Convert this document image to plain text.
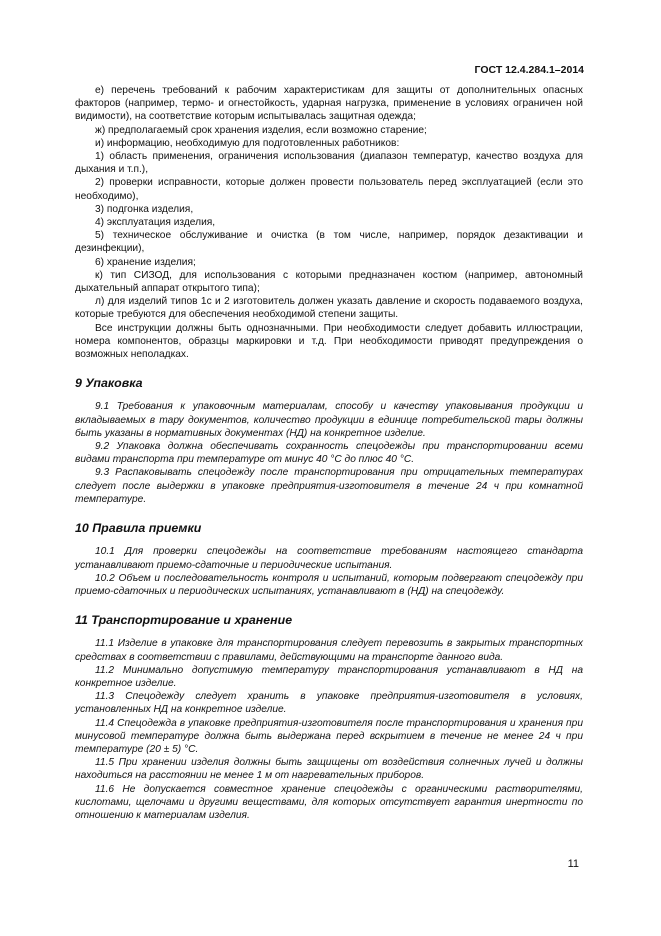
ГОСТ 12.4.284.1–2014

е) перечень требований к рабочим характеристикам для защиты от дополнительных опасных факторов (например, термо- и огнестойкость, ударная нагрузка, применение в условиях ограничен ной видимости), на соответствие которым испытывалась защитная одежда;

ж) предполагаемый срок хранения изделия, если возможно старение;

и) информацию, необходимую для подготовленных работников:

1) область применения, ограничения использования (диапазон температур, качество воздуха для дыхания и т.п.),

2) проверки исправности, которые должен провести пользователь перед эксплуатацией (если это необходимо),

3) подгонка изделия,

4) эксплуатация изделия,

5) техническое обслуживание и очистка (в том числе, например, порядок дезактивации и дезинфекции),

6) хранение изделия;

к) тип СИЗОД, для использования с которыми предназначен костюм (например, автономный дыхательный аппарат открытого типа);

л) для изделий типов 1с и 2 изготовитель должен указать давление и скорость подаваемого воздуха, которые требуются для обеспечения необходимой степени защиты.

Все инструкции должны быть однозначными. При необходимости следует добавить иллюстрации, номера компонентов, образцы маркировки и т.д. При необходимости приводят предупреждения о возможных неполадках.

9 Упаковка

9.1 Требования к упаковочным материалам, способу и качеству упаковывания продукции и вкладываемых в тару документов, количество продукции в единице потребительской тары должны быть указаны в нормативных документах (НД) на конкретное изделие.

9.2 Упаковка должна обеспечивать сохранность спецодежды при транспортировании всеми видами транспорта при температуре от минус 40 °С до плюс 40 °С.

9.3 Распаковывать спецодежду после транспортирования при отрицательных температурах следует после выдержки в упаковке предприятия-изготовителя в течение 24 ч при комнатной температуре.

10 Правила приемки

10.1 Для проверки спецодежды на соответствие требованиям настоящего стандарта устанавливают приемо-сдаточные и периодические испытания.

10.2 Объем и последовательность контроля и испытаний, которым подвергают спецодежду при приемо-сдаточных и периодических испытаниях, устанавливают в (НД) на спецодежду.

11 Транспортирование и хранение

11.1 Изделие в упаковке для транспортирования следует перевозить в закрытых транспортных средствах в соответствии с правилами, действующими на транспорте данного вида.

11.2 Минимально допустимую температуру транспортирования устанавливают в НД на конкретное изделие.

11.3 Спецодежду следует хранить в упаковке предприятия-изготовителя в условиях, установленных НД на конкретное изделие.

11.4 Спецодежда в упаковке предприятия-изготовителя после транспортирования и хранения при минусовой температуре должна быть выдержана перед вскрытием в течение не менее 24 ч при температуре (20 ± 5) °С.

11.5 При хранении изделия должны быть защищены от воздействия солнечных лучей и должны находиться на расстоянии не менее 1 м от нагревательных приборов.

11.6 Не допускается совместное хранение спецодежды с органическими растворителями, кислотами, щелочами и другими веществами, для которых отсутствует гарантия инертности по отношению к материалам изделия.

11
